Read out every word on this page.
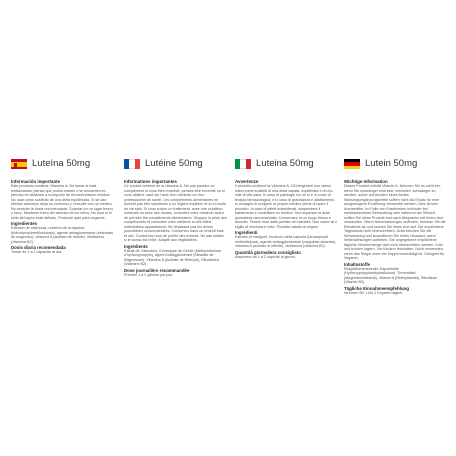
Luteína 50mg
Información importante
Este producto contiene Vitamina A. No tomar si está embarazada, piensa que podría estarlo o se encuentra en período de lactancia a excepción de recomendación médica. No usar como sustituto de una dieta equilibrada. Si se dan efectos adversos dejar su consumo y consulte con un médico. No exceder la dosis recomendada. Guardar en un lugar fresco y seco. Mantener fuera del alcance de los niños. No usar si el sello del tapón está dañado. Producto apto para veganos.
Ingredientes
Extracto de caléndula, cubierta de la cápsula (hidroxipropilmetilcelulosa), agente antiaglomerante (estearato de magnesio), vitamina A (acetato de retinilo), riboflavina (vitamina B2).
Dosis diaria recomendada
Tomar de 1 a 2 cápsulas al día.
Lutéine 50mg
Informations importantes
Ce produit contient de la vitamine A. Ne pas prendre ce complément si vous êtes enceinte, pensez être enceinte ou si vous allaitez, sauf sur l'avis d'un médecin ou d'un professionnel de santé. Les compléments alimentaires ne doivent pas être substitués à un régime équilibré et à un mode de vie sain. Si vous suivez un traitement, avez une condition médicale ou avez des doutes, consultez votre médecin avant de prendre les compléments alimentaires. Stoppez la prise des compléments et consultez votre médecin si des effets indésirables apparaissent. Ne dépassez pas les doses journalières recommandées. Conservez dans un endroit frais et sec. Conservez hors de portée des enfants. Ne pas utiliser si le sceau est brisé. Adapté aux végétaliens.
Ingrédients
Extrait de Calendula, Enveloppe de Gélule (Méthylcellulose d'hydroxypropyle), Agent Antiagglomérant (Stéarate de Magnésium), Vitamine A (Acétate de Rétinyle), Riboflavine (Vitamine B2).
Dose journalière recommandée
Prendre 1 à 2 gélules par jour.
Luteina 50mg
Avvertenze
Il prodotto contiene la Vitamina A. Gli integratori non vanno intesi come sostituti di una dieta variata, equilibrata e di uno stile di vita sano. In caso di patologie e/o se si è in corso di terapia farmacologica, e in caso di gravidanza e allattamento, si consiglia di svolgere al proprio medico prima di usare il prodotto. In caso di effetti indesiderati, sospendere il trattamento e consultare un medico. Non superare la dose giornaliera raccomandata. Conservare in un luogo fresco e asciutto. Tenere fuori dalla portata dei bambini. Non usare se il sigillo di chiusura è rotto. Prodotto adatto ai vegani.
Ingredienti
Estratto di marigold, involucro della capsula (idrossipropil metilcellulosa), agente antiagglomerante (magnesio stearato), vitamina A (acetato di retinile), riboflavina (vitamina B2).
Quantità giornaliera consigliata
Assumere da 1 a 2 capsule al giorno.
Lutein 50mg
Wichtige Information
Dieses Produkt enthält Vitamin A. Nehmen Sie es nicht ein, wenn Sie schwanger sind bzw. vermuten, schwanger zu werden, außer auf Anraten eines Arztes. Nahrungsergänzungsmittel sollten nicht als Ersatz für eine ausgewogene Ernährung verwendet werden. Dies ist kein Arzneimittel. Im Falle von Krankheiten und/oder bei medikamentöser Behandlung oder während der Stillzeit, sollten Sie diese Produkt erst nach Absprache mit Ihrem Arzt verwenden. Wenn Nebenwirkungen auftreten, brechen Sie die Einnahme ab und suchen Sie einen Arzt auf. Die empfohlene Tagesdosis nicht überschreiten. Unterbrechen Sie die Verwendung und konsultieren Sie einen Hausarzt, wenn Nebenwirkungen auftreten. Die angegebene empfohlene tägliche Verzehrmenge darf nicht überschritten werden. Kühl und trocken lagern. Vor Kindern fernhalten. Nicht verwenden, wenn das Siegel unter der Kappe beschädigt ist. Geeignet für Veganer.
Inhaltsstoffe
Ringelblumenextrakt, Kapselhülle (Hydroxypropylmethylcellulose), Trennmittel (Magnesiumstearat), Vitamin A (Retinylacetat), Riboflavin (Vitamin B2).
Tägliche Einnahmeempfehlung
Nehmen Sie 1 bis 2 Kapseln täglich.
